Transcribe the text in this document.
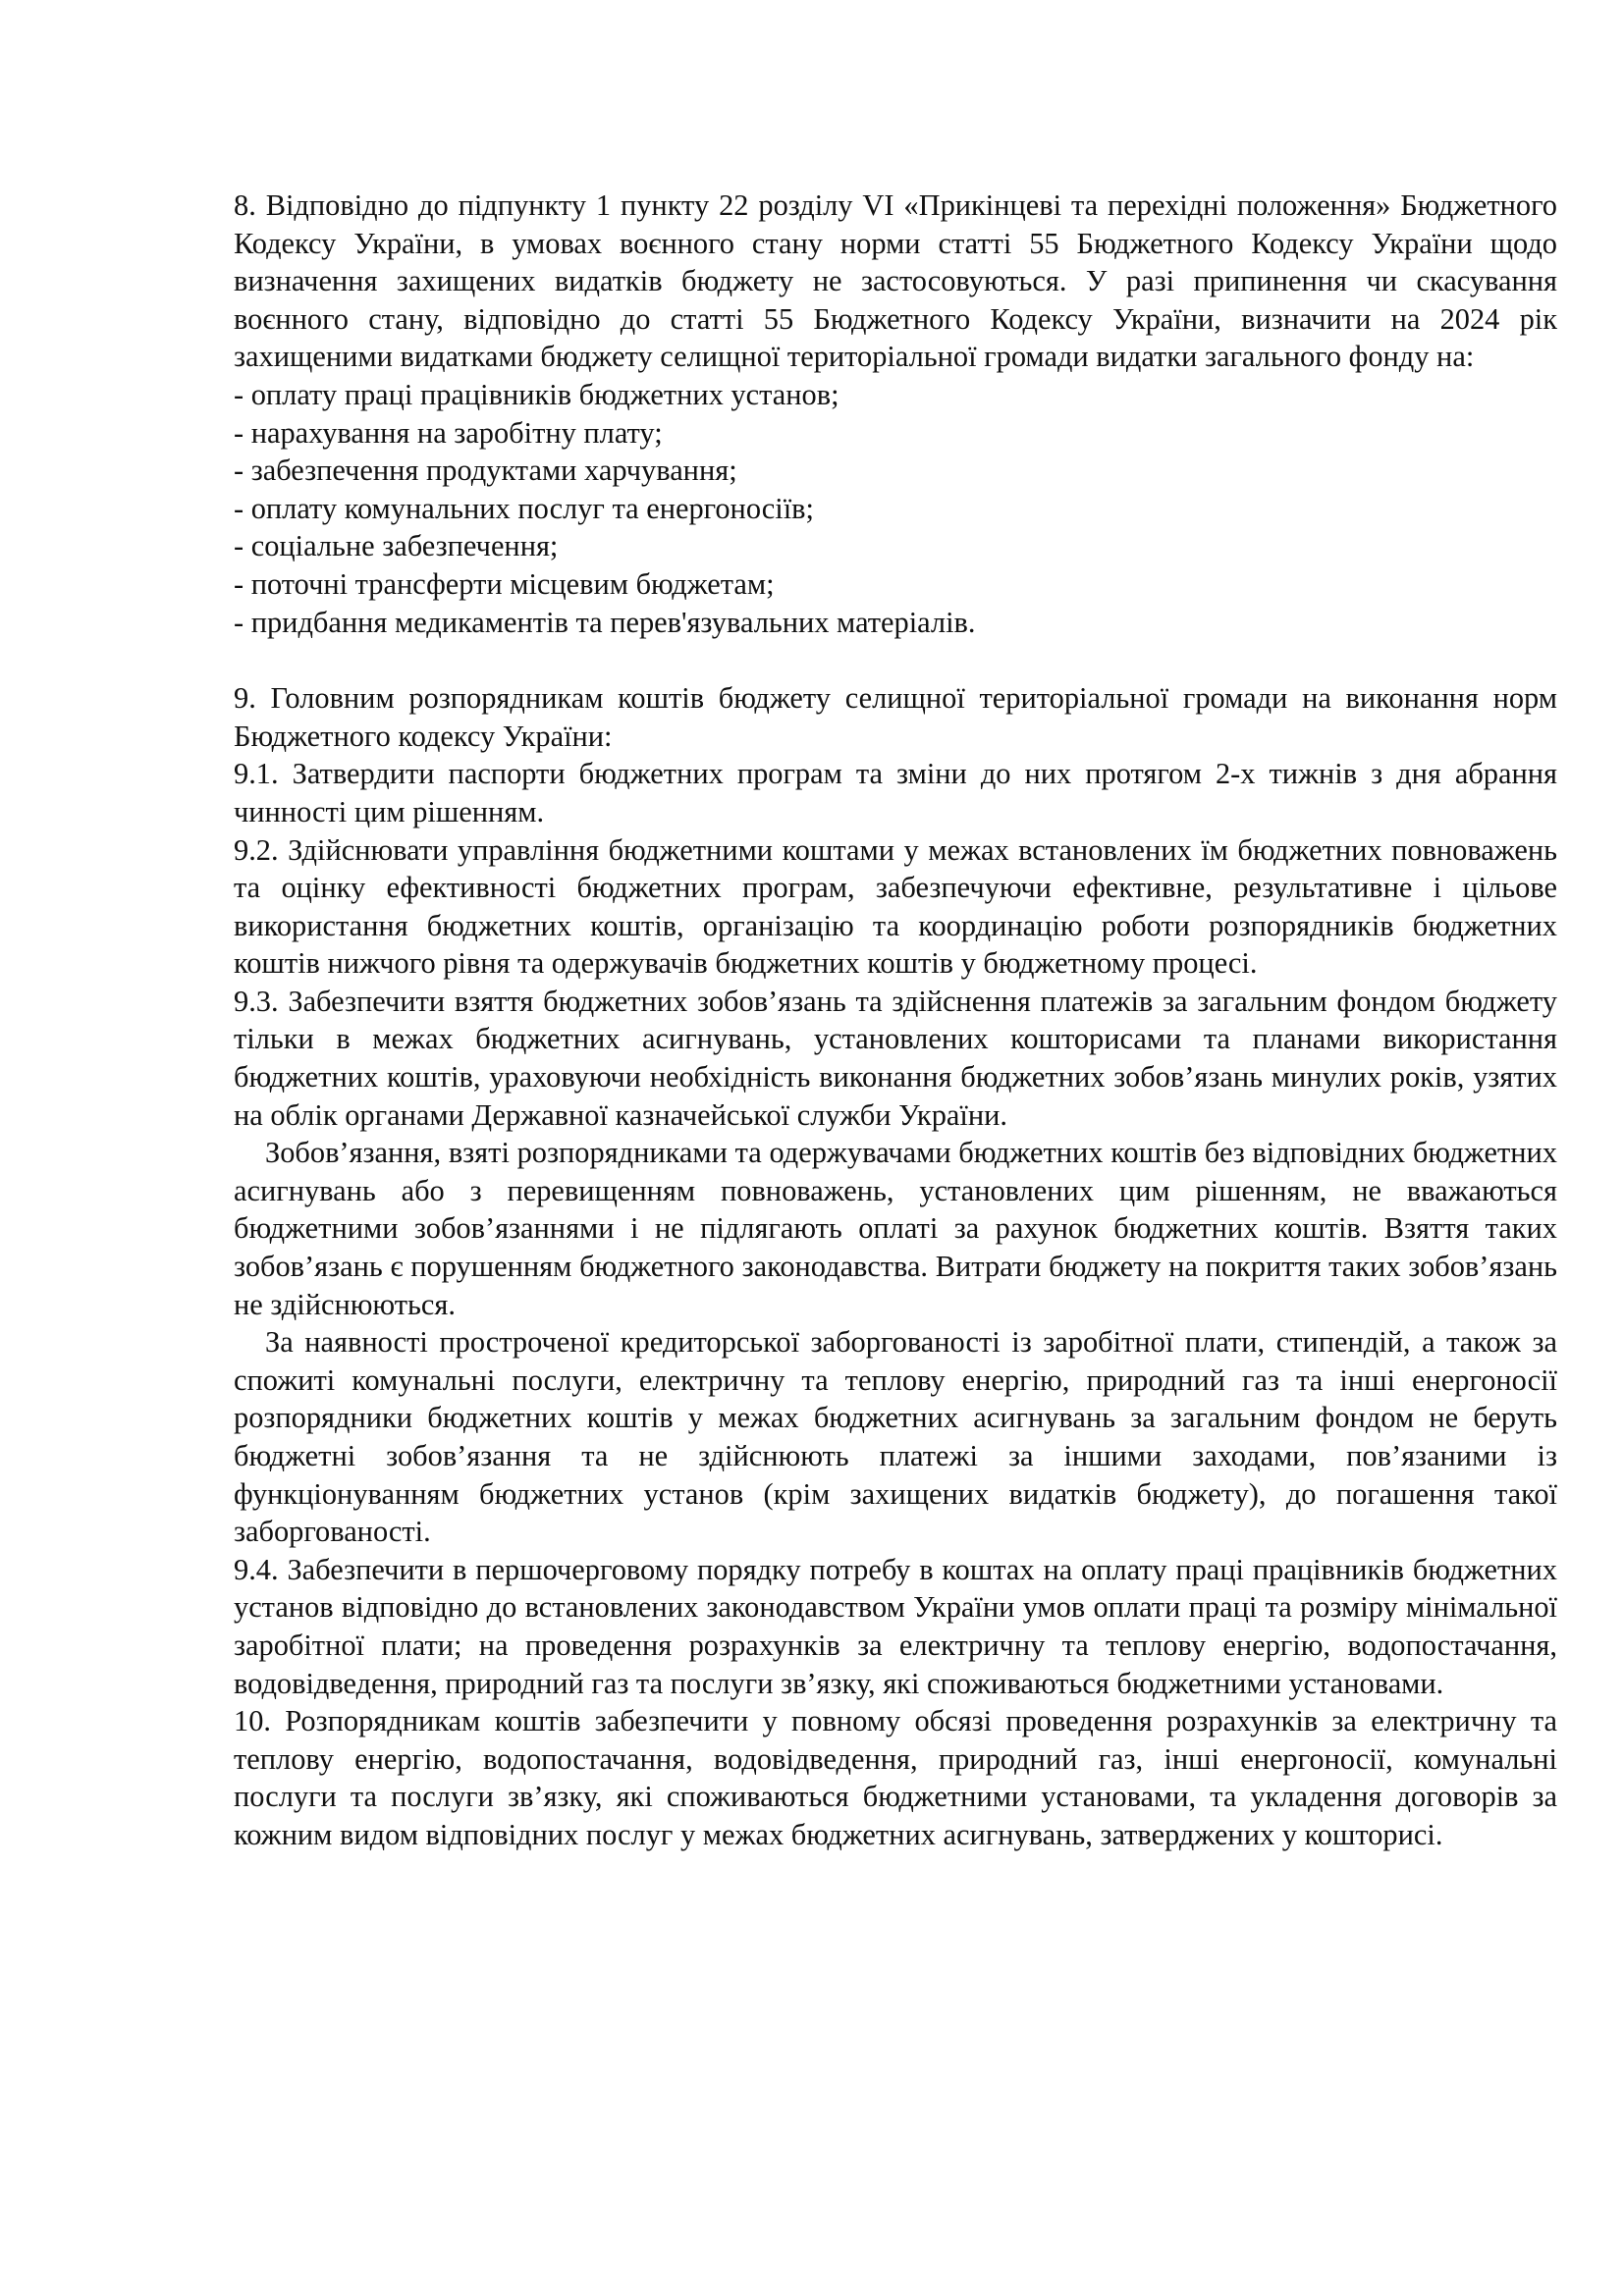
8. Відповідно до підпункту 1 пункту 22 розділу VI «Прикінцеві та перехідні положення» Бюджетного Кодексу України, в умовах воєнного стану норми статті 55 Бюджетного Кодексу України щодо визначення захищених видатків бюджету не застосовуються. У разі припинення чи скасування воєнного стану, відповідно до статті 55 Бюджетного Кодексу України, визначити на 2024 рік захищеними видатками бюджету селищної територіальної громади видатки загального фонду на:
- оплату праці працівників бюджетних установ;
- нарахування на заробітну плату;
- забезпечення продуктами харчування;
- оплату комунальних послуг та енергоносіїв;
- соціальне забезпечення;
- поточні трансферти місцевим бюджетам;
- придбання медикаментів та перев'язувальних матеріалів.
9. Головним розпорядникам коштів бюджету селищної територіальної громади на виконання норм Бюджетного кодексу України:
9.1. Затвердити паспорти бюджетних програм та зміни до них протягом 2-х тижнів з дня абрання чинності цим рішенням.
9.2. Здійснювати управління бюджетними коштами у межах встановлених їм бюджетних повноважень та оцінку ефективності бюджетних програм, забезпечуючи ефективне, результативне і цільове використання бюджетних коштів, організацію та координацію роботи розпорядників бюджетних коштів нижчого рівня та одержувачів бюджетних коштів у бюджетному процесі.
9.3. Забезпечити взяття бюджетних зобов’язань та здійснення платежів за загальним фондом бюджету тільки в межах бюджетних асигнувань, установлених кошторисами та планами використання бюджетних коштів, ураховуючи необхідність виконання бюджетних зобов’язань минулих років, узятих на облік органами Державної казначейської служби України.
Зобов’язання, взяті розпорядниками та одержувачами бюджетних коштів без відповідних бюджетних асигнувань або з перевищенням повноважень, установлених цим рішенням, не вважаються бюджетними зобов’язаннями і не підлягають оплаті за рахунок бюджетних коштів. Взяття таких зобов’язань є порушенням бюджетного законодавства. Витрати бюджету на покриття таких зобов’язань не здійснюються.
За наявності простроченої кредиторської заборгованості із заробітної плати, стипендій, а також за спожиті комунальні послуги, електричну та теплову енергію, природний газ та інші енергоносії розпорядники бюджетних коштів у межах бюджетних асигнувань за загальним фондом не беруть бюджетні зобов’язання та не здійснюють платежі за іншими заходами, пов’язаними із функціонуванням бюджетних установ (крім захищених видатків бюджету), до погашення такої заборгованості.
9.4. Забезпечити в першочерговому порядку потребу в коштах на оплату праці працівників бюджетних установ відповідно до встановлених законодавством України умов оплати праці та розміру мінімальної заробітної плати; на проведення розрахунків за електричну та теплову енергію, водопостачання, водовідведення, природний газ та послуги зв’язку, які споживаються бюджетними установами.
10. Розпорядникам коштів забезпечити у повному обсязі проведення розрахунків за електричну та теплову енергію, водопостачання, водовідведення, природний газ, інші енергоносії, комунальні послуги та послуги зв’язку, які споживаються бюджетними установами, та укладення договорів за кожним видом відповідних послуг у межах бюджетних асигнувань, затверджених у кошторисі.
